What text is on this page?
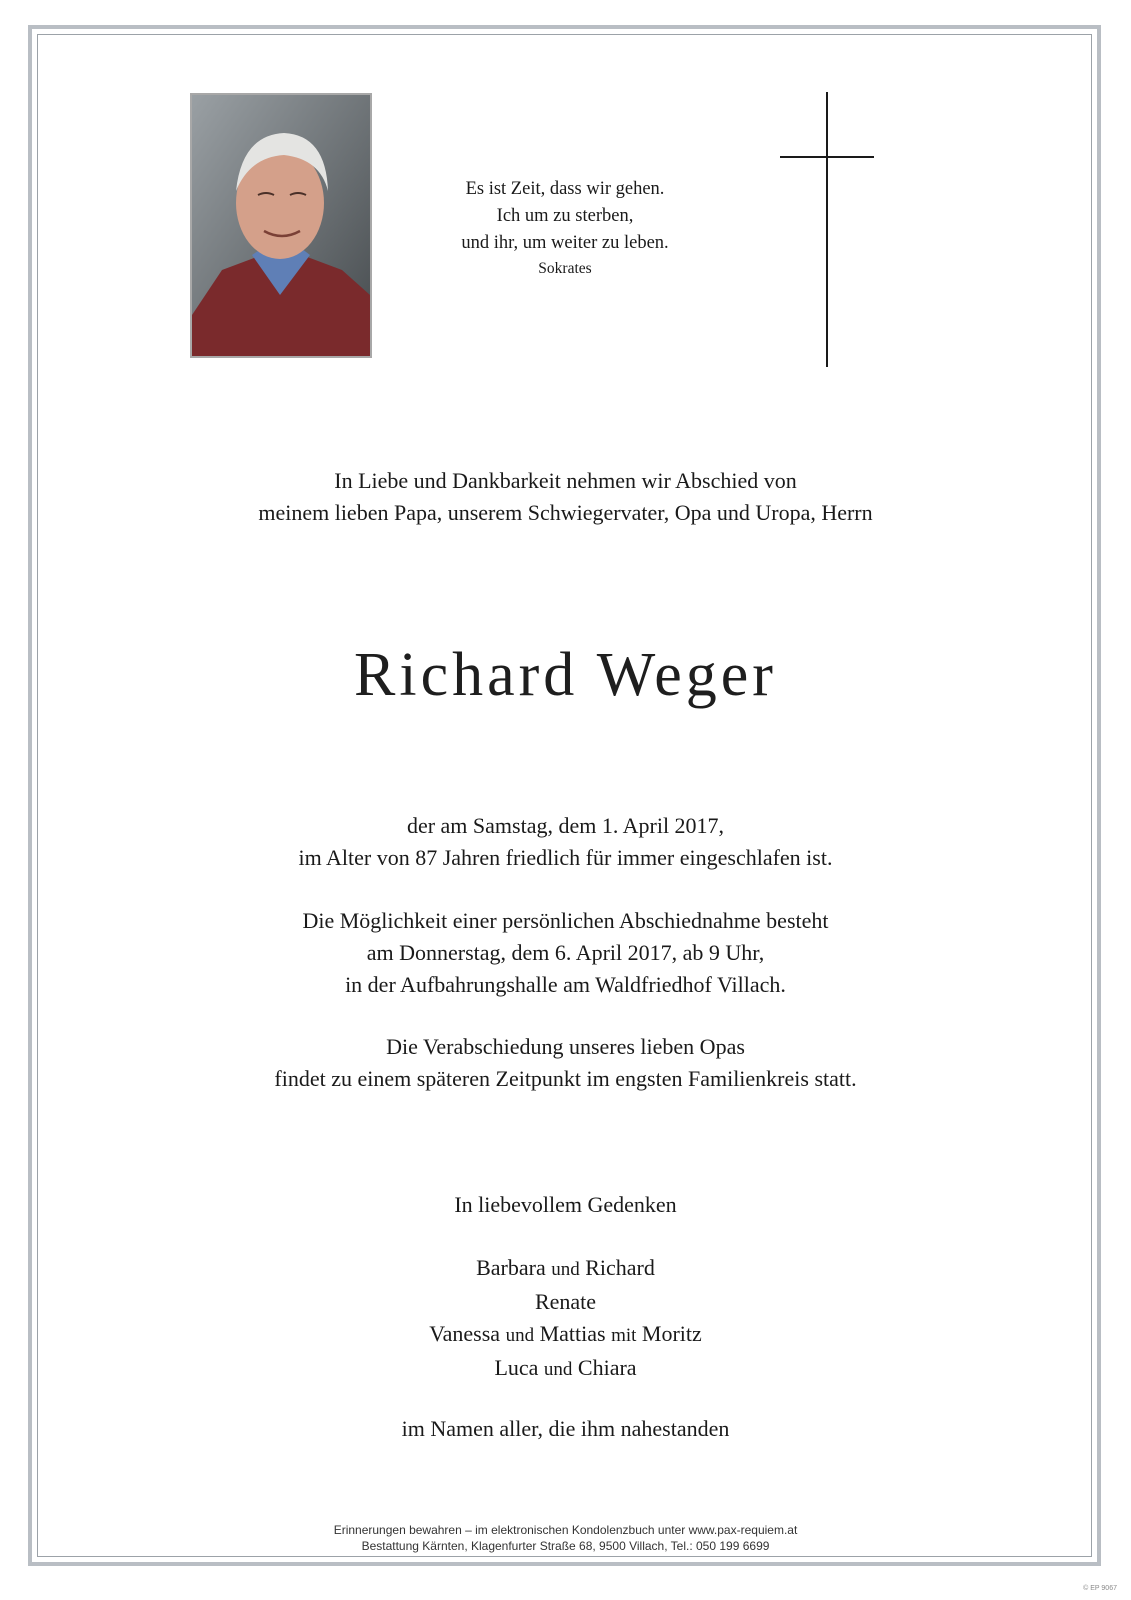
Es ist Zeit, dass wir gehen.
Ich um zu sterben,
und ihr, um weiter zu leben.
Sokrates
In Liebe und Dankbarkeit nehmen wir Abschied von
meinem lieben Papa, unserem Schwiegervater, Opa und Uropa, Herrn
Richard Weger
der am Samstag, dem 1. April 2017,
im Alter von 87 Jahren friedlich für immer eingeschlafen ist.
Die Möglichkeit einer persönlichen Abschiednahme besteht
am Donnerstag, dem 6. April 2017, ab 9 Uhr,
in der Aufbahrungshalle am Waldfriedhof Villach.
Die Verabschiedung unseres lieben Opas
findet zu einem späteren Zeitpunkt im engsten Familienkreis statt.
In liebevollem Gedenken
Barbara und Richard
Renate
Vanessa und Mattias mit Moritz
Luca und Chiara
im Namen aller, die ihm nahestanden
Erinnerungen bewahren – im elektronischen Kondolenzbuch unter www.pax-requiem.at
Bestattung Kärnten, Klagenfurter Straße 68, 9500 Villach, Tel.: 050 199 6699
© EP 9067
